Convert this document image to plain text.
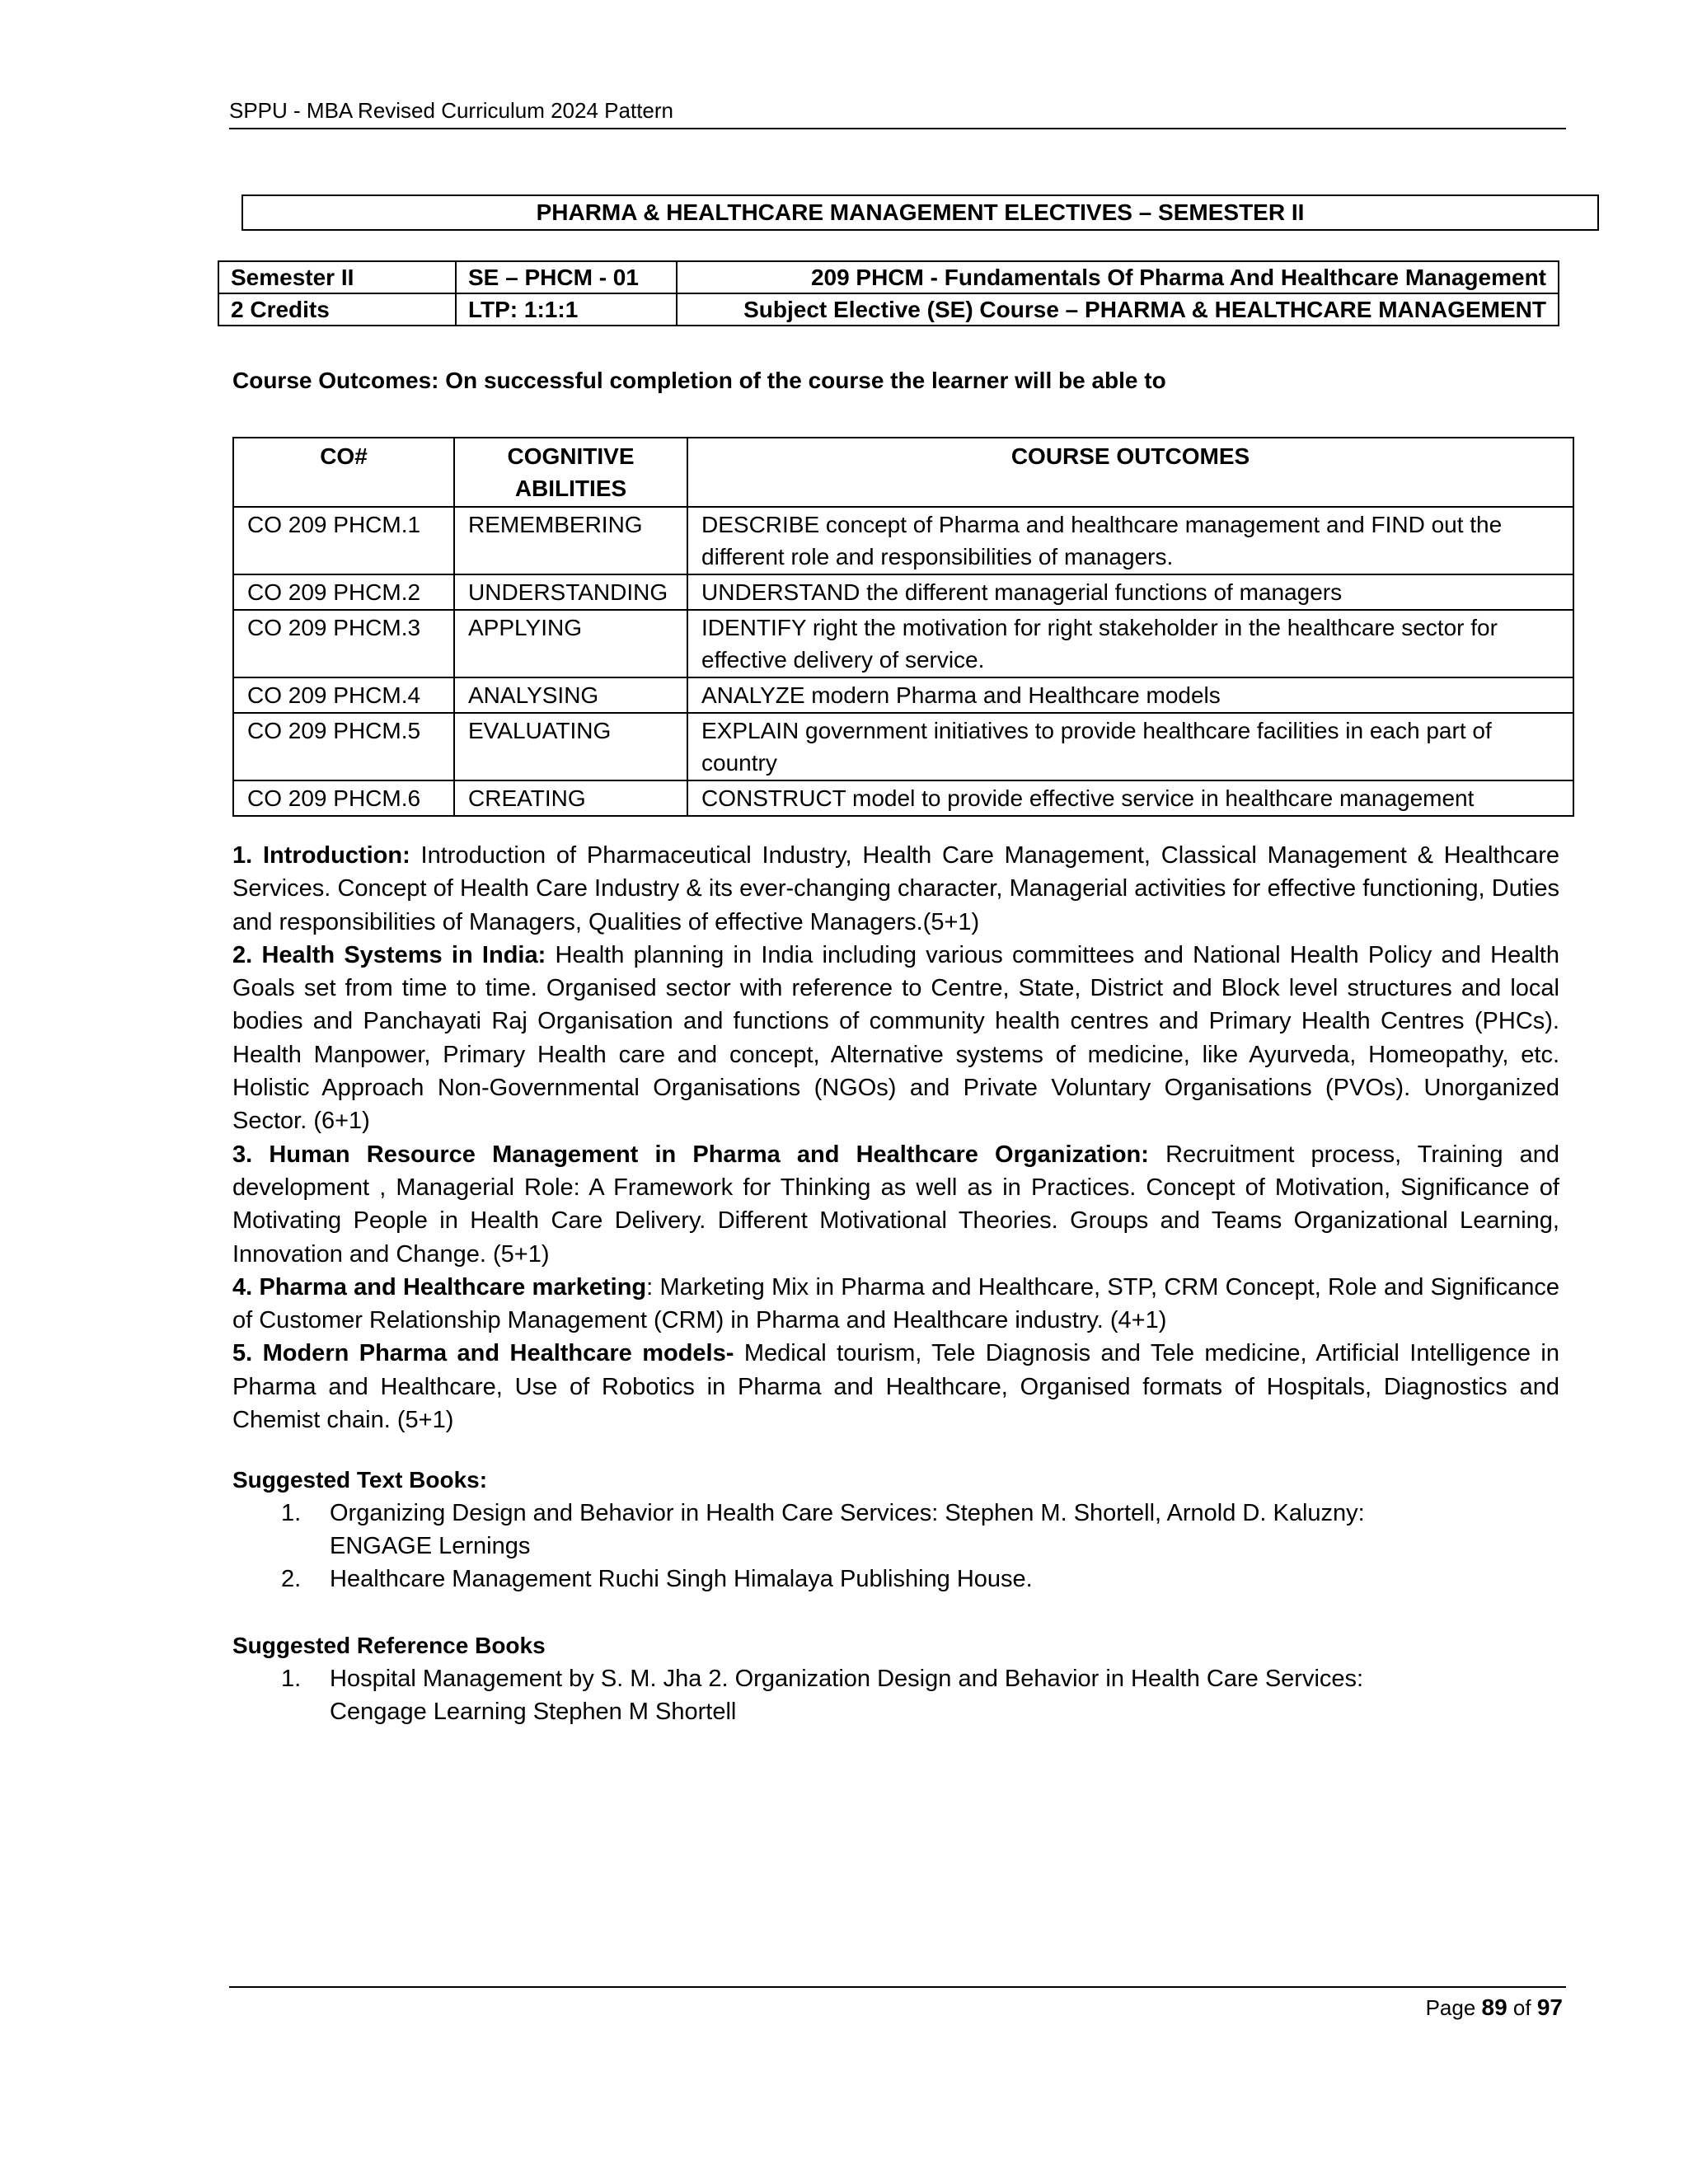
SPPU - MBA Revised Curriculum 2024 Pattern
PHARMA & HEALTHCARE MANAGEMENT ELECTIVES – SEMESTER II
Semester II	SE – PHCM - 01	209 PHCM - Fundamentals Of Pharma And Healthcare Management
2 Credits	LTP: 1:1:1	Subject Elective (SE) Course – PHARMA & HEALTHCARE MANAGEMENT
Course Outcomes: On successful completion of the course the learner will be able to
CO#	COGNITIVE ABILITIES	COURSE OUTCOMES
CO 209 PHCM.1	REMEMBERING	DESCRIBE concept of Pharma and healthcare management and FIND out the different role and responsibilities of managers.
CO 209 PHCM.2	UNDERSTANDING	UNDERSTAND the different managerial functions of managers
CO 209 PHCM.3	APPLYING	IDENTIFY right the motivation for right stakeholder in the healthcare sector for effective delivery of service.
CO 209 PHCM.4	ANALYSING	ANALYZE modern Pharma and Healthcare models
CO 209 PHCM.5	EVALUATING	EXPLAIN government initiatives to provide healthcare facilities in each part of country
CO 209 PHCM.6	CREATING	CONSTRUCT model to provide effective service in healthcare management

1. Introduction: Introduction of Pharmaceutical Industry, Health Care Management, Classical Management & Healthcare Services. Concept of Health Care Industry & its ever-changing character, Managerial activities for effective functioning, Duties and responsibilities of Managers, Qualities of effective Managers.(5+1)

2. Health Systems in India: Health planning in India including various committees and National Health Policy and Health Goals set from time to time. Organised sector with reference to Centre, State, District and Block level structures and local bodies and Panchayati Raj Organisation and functions of community health centres and Primary Health Centres (PHCs). Health Manpower, Primary Health care and concept, Alternative systems of medicine, like Ayurveda, Homeopathy, etc. Holistic Approach Non-Governmental Organisations (NGOs) and Private Voluntary Organisations (PVOs). Unorganized Sector. (6+1)

3. Human Resource Management in Pharma and Healthcare Organization: Recruitment process, Training and development , Managerial Role: A Framework for Thinking as well as in Practices. Concept of Motivation, Significance of Motivating People in Health Care Delivery. Different Motivational Theories. Groups and Teams Organizational Learning, Innovation and Change. (5+1)

4. Pharma and Healthcare marketing: Marketing Mix in Pharma and Healthcare, STP, CRM Concept, Role and Significance of Customer Relationship Management (CRM) in Pharma and Healthcare industry. (4+1)

5. Modern Pharma and Healthcare models- Medical tourism, Tele Diagnosis and Tele medicine, Artificial Intelligence in Pharma and Healthcare, Use of Robotics in Pharma and Healthcare, Organised formats of Hospitals, Diagnostics and Chemist chain. (5+1)

Suggested Text Books:
1. Organizing Design and Behavior in Health Care Services: Stephen M. Shortell, Arnold D. Kaluzny:
ENGAGE Lernings
2. Healthcare Management Ruchi Singh Himalaya Publishing House.
Suggested Reference Books
1. Hospital Management by S. M. Jha 2. Organization Design and Behavior in Health Care Services:
Cengage Learning Stephen M Shortell
Page 89 of 97
